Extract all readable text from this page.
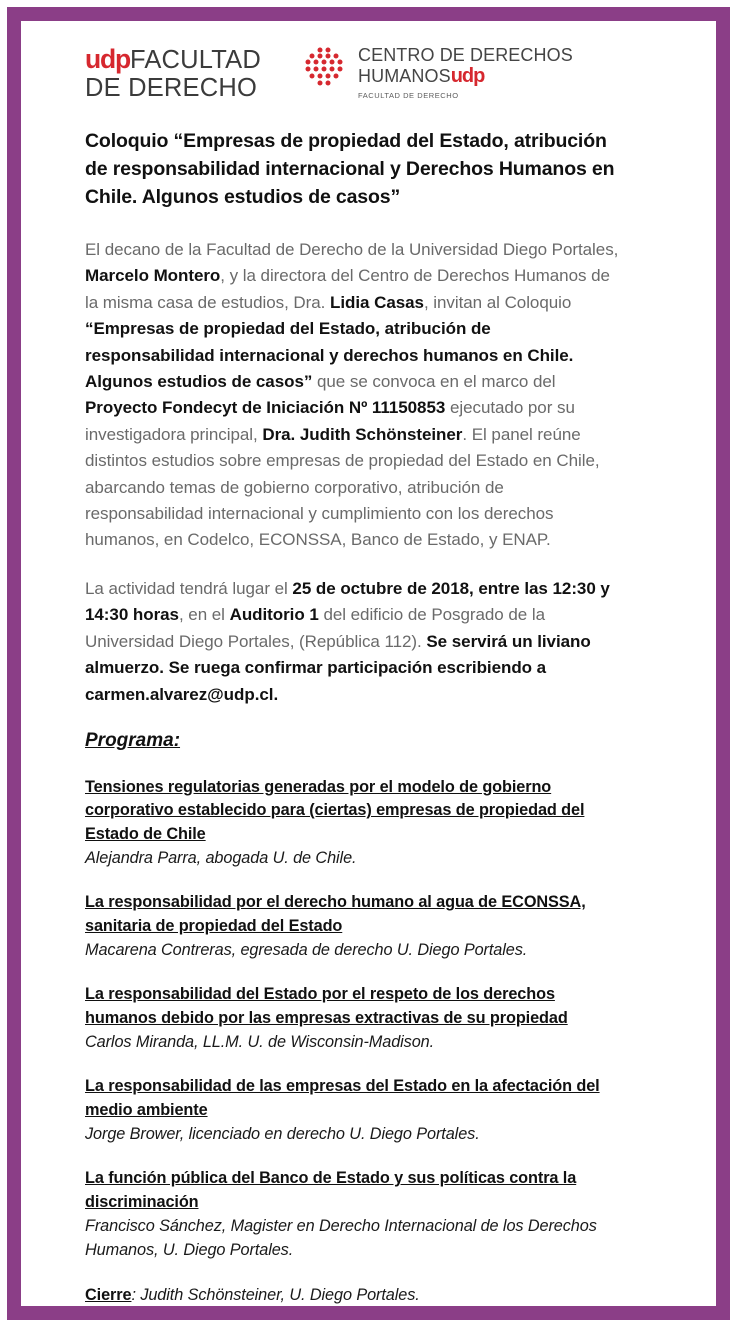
udpFACULTAD
DE DERECHO
CENTRO DE DERECHOS
HUMANOSudp
FACULTAD DE DERECHO
Coloquio “Empresas de propiedad del Estado, atribución de responsabilidad internacional y Derechos Humanos en Chile. Algunos estudios de casos”

El decano de la Facultad de Derecho de la Universidad Diego Portales, Marcelo Montero, y la directora del Centro de Derechos Humanos de la misma casa de estudios, Dra. Lidia Casas, invitan al Coloquio “Empresas de propiedad del Estado, atribución de responsabilidad internacional y derechos humanos en Chile. Algunos estudios de casos” que se convoca en el marco del Proyecto Fondecyt de Iniciación Nº 11150853 ejecutado por su investigadora principal, Dra. Judith Schönsteiner. El panel reúne distintos estudios sobre empresas de propiedad del Estado en Chile, abarcando temas de gobierno corporativo, atribución de responsabilidad internacional y cumplimiento con los derechos humanos, en Codelco, ECONSSA, Banco de Estado, y ENAP.

La actividad tendrá lugar el 25 de octubre de 2018, entre las 12:30 y 14:30 horas, en el Auditorio 1 del edificio de Posgrado de la Universidad Diego Portales, (República 112). Se servirá un liviano almuerzo. Se ruega confirmar participación escribiendo a carmen.alvarez@udp.cl.

Programa:
Tensiones regulatorias generadas por el modelo de gobierno corporativo establecido para (ciertas) empresas de propiedad del Estado de Chile
Alejandra Parra, abogada U. de Chile.
La responsabilidad por el derecho humano al agua de ECONSSA, sanitaria de propiedad del Estado
Macarena Contreras, egresada de derecho U. Diego Portales.
La responsabilidad del Estado por el respeto de los derechos humanos debido por las empresas extractivas de su propiedad
Carlos Miranda, LL.M. U. de Wisconsin-Madison.
La responsabilidad de las empresas del Estado en la afectación del medio ambiente
Jorge Brower, licenciado en derecho U. Diego Portales.
La función pública del Banco de Estado y sus políticas contra la discriminación
Francisco Sánchez, Magister en Derecho Internacional de los Derechos Humanos, U. Diego Portales.
Cierre: Judith Schönsteiner, U. Diego Portales.
